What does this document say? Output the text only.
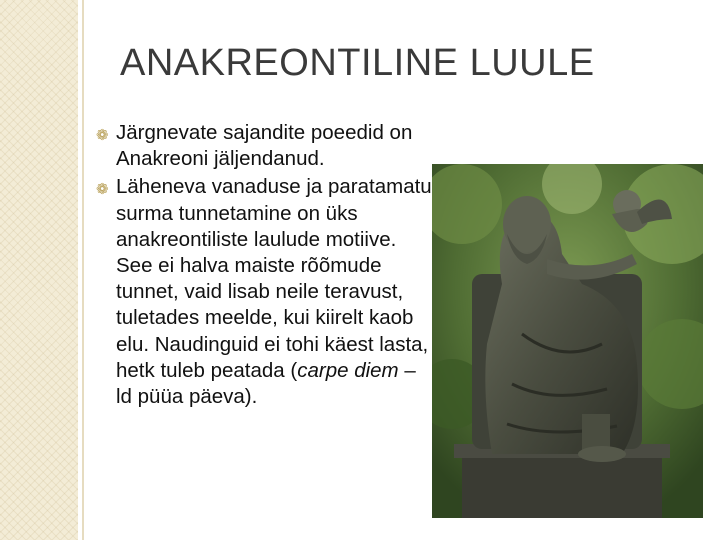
ANAKREONTILINE LUULE
❁ Järgnevate sajandite poeedid on Anakreoni jäljendanud.
❁ Läheneva vanaduse ja paratamatu surma tunnetamine on üks anakreontiliste laulude motiive. See ei halva maiste rõõmude tunnet, vaid lisab neile teravust, tuletades meelde, kui kiirelt kaob elu. Naudinguid ei tohi käest lasta, hetk tuleb peatada (carpe diem – ld püüa päeva).
